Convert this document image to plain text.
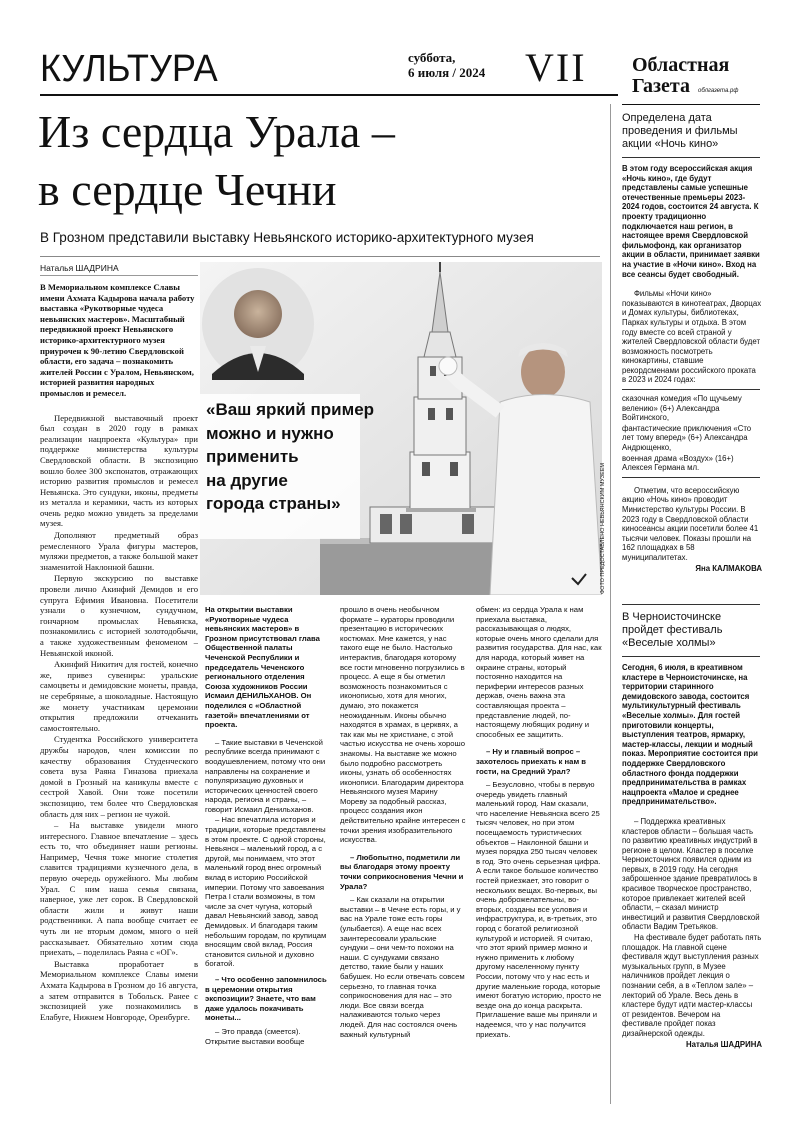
КУЛЬТУРА	суббота,
6 июля / 2024 VII Областная
Газета облгазета.рф
Из сердца Урала –
в сердце Чечни
В Грозном представили выставку Невьянского историко-архитектурного музея
Наталья ШАДРИНА
В Мемориальном комплексе Славы имени Ахмата Кадырова начала работу выставка «Рукотворные чудеса невьянских мастеров». Масштабный передвижной проект Невьянского историко-архитектурного музея приурочен к 90-летию Свердловской области, его задача – познакомить жителей России с Уралом, Невьянском, историей развития народных промыслов и ремесел.

Передвижной выставочный проект был создан в 2020 году в рамках реализации нацпроекта «Культура» при поддержке министерства культуры Свердловской области. В экспозицию вошло более 300 экспонатов, отражающих историю развития промыслов и ремесел Невьянска. Это сундуки, иконы, предметы из металла и керамики, часть из которых очень редко можно увидеть за пределами музея.

Дополняют предметный образ ремесленного Урала фигуры мастеров, муляжи предметов, а также большой макет знаменитой Наклонной башни.

Первую экскурсию по выставке провели лично Акинфий Демидов и его супруга Ефимия Ивановна. Посетители узнали о кузнечном, сундучном, гончарном промыслах Невьянска, познакомились с историей золотодобычи, а также художественным феноменом – Невьянской иконой.

Акинфий Никитич для гостей, конечно же, привез сувениры: уральские самоцветы и демидовские монеты, правда, не серебряные, а шоколадные. Настоящую же монету участникам церемонии открытия предложили отчеканить самостоятельно.

Студентка Российского университета дружбы народов, член комиссии по качеству образования Студенческого совета вуза Раяна Гиназова приехала домой в Грозный на каникулы вместе с сестрой Хавой. Они тоже посетили экспозицию, тем более что Свердловская область для них – регион не чужой.

– На выставке увидели много интересного. Главное впечатление – здесь есть то, что объединяет наши регионы. Например, Чечня тоже многие столетия славится традициями кузнечного дела, в первую очередь оружейного. Мы любим Урал. С ним наша семья связана, наверное, уже лет сорок. В Свердловской области жили и живут наши родственники. А папа вообще считает ее чуть ли не вторым домом, много о ней рассказывает. Обязательно хотим сюда приехать, – поделилась Раяна с «ОГ».

Выставка проработает в Мемориальном комплексе Славы имени Ахмата Кадырова в Грозном до 16 августа, а затем отправится в Тобольск. Ранее с экспозицией уже познакомились в Елабуге, Нижнем Новгороде, Оренбурге.

«Ваш яркий пример
можно и нужно
применить
на другие
города страны»	ФОТО ПРЕДОСТАВЛЕНО НЕВЬЯНСКИМ МУЗЕЕМ
На открытии выставки «Рукотворные чудеса невьянских мастеров» в Грозном присутствовал глава Общественной палаты Чеченской Республики и председатель Чеченского регионального отделения Союза художников России Исмаил ДЕНИЛЬХАНОВ. Он поделился с «Областной газетой» впечатлениями от проекта.

– Такие выставки в Чеченской республике всегда принимают с воодушевлением, потому что они направлены на сохранение и популяризацию духовных и исторических ценностей своего народа, региона и страны, – говорит Исмаил Денильханов.

– Нас впечатлила история и традиции, которые представлены в этом проекте. С одной стороны, Невьянск – маленький город, а с другой, мы понимаем, что этот маленький город внес огромный вклад в историю Российской империи. Потому что завоевания Петра I стали возможны, в том числе за счет чугуна, который давал Невьянский завод, завод Демидовых. И благодаря таким небольшим городам, по крупицам вносящим свой вклад, Россия становится сильной и духовно богатой.

– Что особенно запомнилось в церемонии открытия экспозиции? Знаете, что вам даже удалось покачивать монеты...

– Это правда (смеется). Открытие выставки вообще

прошло в очень необычном формате – кураторы проводили презентацию в исторических костюмах. Мне кажется, у нас такого еще не было. Настолько интерактив, благодаря которому все гости мгновенно погрузились в процесс. А еще я бы отметил возможность познакомиться с иконописью, хотя для многих, думаю, это покажется неожиданным. Иконы обычно находятся в храмах, в церквях, а так как мы не христиане, с этой частью искусства не очень хорошо знакомы. На выставке же можно было подробно рассмотреть иконы, узнать об особенностях иконописи. Благодарим директора Невьянского музея Марину Мореву за подобный рассказ, процесс создания икон действительно крайне интересен с точки зрения изобразительного искусства.

– Любопытно, подметили ли вы благодаря этому проекту точки соприкосновения Чечни и Урала?

– Как сказали на открытии выставки – в Чечне есть горы, и у вас на Урале тоже есть горы (улыбается). А еще нас всех заинтересовали уральские сундуки – они чем-то похожи на наши. С сундуками связано детство, такие были у наших бабушек. Но если отвечать совсем серьезно, то главная точка соприкосновения для нас – это люди. Все связи всегда налаживаются только через людей. Для нас состоялся очень важный культурный

обмен: из сердца Урала к нам приехала выставка, рассказывающая о людях, которые очень много сделали для развития государства. Для нас, как для народа, который живет на окраине страны, который постоянно находится на периферии интересов разных держав, очень важна эта составляющая проекта – представление людей, по-настоящему любящих родину и способных ее защитить.

– Ну и главный вопрос – захотелось приехать к нам в гости, на Средний Урал?

– Безусловно, чтобы в первую очередь увидеть главный маленький город. Нам сказали, что население Невьянска всего 25 тысяч человек, но при этом посещаемость туристических объектов – Наклонной башни и музея порядка 250 тысяч человек в год. Это очень серьезная цифра. А если такое большое количество гостей приезжает, это говорит о нескольких вещах. Во-первых, вы очень доброжелательны, во-вторых, созданы все условия и инфраструктура, и, в-третьих, это город с богатой религиозной культурой и историей. Я считаю, что этот яркий пример можно и нужно применить к любому другому населенному пункту России, потому что у нас есть и другие маленькие города, которые имеют богатую историю, просто не везде она до конца раскрыта. Приглашение ваше мы приняли и надеемся, что у нас получится приехать.

Определена дата проведения и фильмы акции «Ночь кино»

В этом году всероссийская акция «Ночь кино», где будут представлены самые успешные отечественные премьеры 2023-2024 годов, состоится 24 августа. К проекту традиционно подключается наш регион, в настоящее время Свердловской фильмофонд, как организатор акции в области, принимает заявки на участие в «Ночи кино». Вход на все сеансы будет свободный.

Фильмы «Ночи кино» показываются в кинотеатрах, Дворцах и Домах культуры, библиотеках, Парках культуры и отдыха. В этом году вместе со всей страной у жителей Свердловской области будет возможность посмотреть кинокартины, ставшие рекордсменами российского проката в 2023 и 2024 годах:

сказочная комедия «По щучьему велению» (6+) Александра Войтинского,

фантастические приключения «Сто лет тому вперед» (6+) Александра Андрющенко,

военная драма «Воздух» (16+) Алексея Германа мл.

Отметим, что всероссийскую акцию «Ночь кино» проводит Министерство культуры России. В 2023 году в Свердловской области киносеансы акции посетили более 41 тысячи человек. Показы прошли на 162 площадках в 58 муниципалитетах.

Яна КАЛМАКОВА
В Черноисточинске пройдет фестиваль «Веселые холмы»

Сегодня, 6 июля, в креативном кластере в Черноисточинске, на территории старинного демидовского завода, состоится мультикультурный фестиваль «Веселые холмы». Для гостей приготовили концерты, выступления театров, ярмарку, мастер-классы, лекции и модный показ. Мероприятие состоится при поддержке Свердловского областного фонда поддержки предпринимательства в рамках нацпроекта «Малое и среднее предпринимательство».

– Поддержка креативных кластеров области – большая часть по развитию креативных индустрий в регионе в целом. Кластер в поселке Черноисточинск появился одним из первых, в 2019 году. На сегодня заброшенное здание превратилось в красивое творческое пространство, которое привлекает жителей всей области, – сказал министр инвестиций и развития Свердловской области Вадим Третьяков.

На фестивале будет работать пять площадок. На главной сцене фестиваля ждут выступления разных музыкальных групп, в Музее наличников пройдет лекция о познании себя, а в «Теплом зале» – лекторий об Урале. Весь день в кластере будут идти мастер-классы от резидентов. Вечером на фестивале пройдет показ дизайнерской одежды.

Наталья ШАДРИНА
